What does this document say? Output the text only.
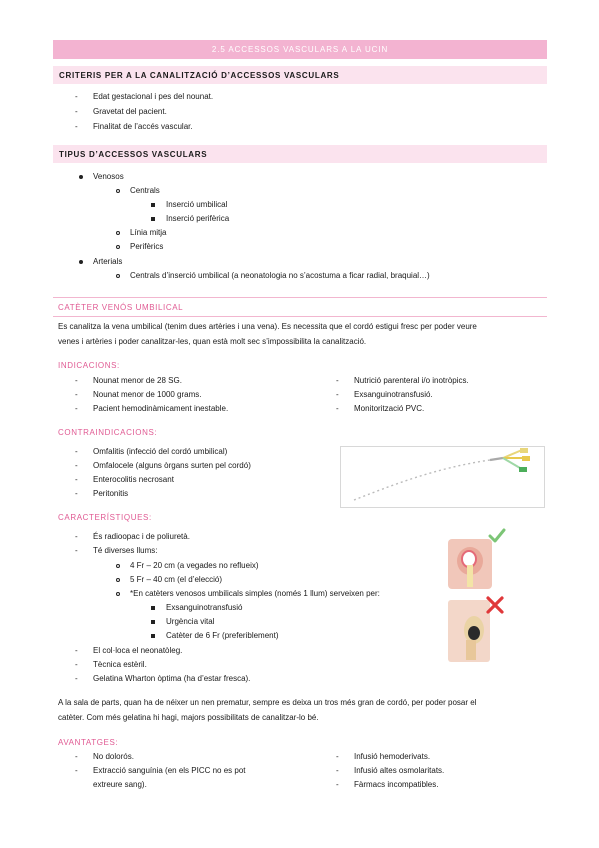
2.5 ACCESSOS VASCULARS A LA UCIN
CRITERIS PER A LA CANALITZACIÓ D’ACCESSOS VASCULARS
- Edat gestacional i pes del nounat.
- Gravetat del pacient.
- Finalitat de l’accés vascular.
TIPUS D’ACCESSOS VASCULARS
Venosos
Centrals
Inserció umbilical
Inserció perifèrica
Línia mitja
Perifèrics
Arterials
Centrals d’inserció umbilical (a neonatologia no s’acostuma a ficar radial, braquial…)
CATÈTER VENÓS UMBILICAL
Es canalitza la vena umbilical (tenim dues artèries i una vena). Es necessita que el cordó estigui fresc per poder veure
venes i artèries i poder canalitzar-les, quan està molt sec s’impossibilita la canalització.
INDICACIONS:
- Nounat menor de 28 SG.
- Nounat menor de 1000 grams.
- Pacient hemodinàmicament inestable.
- Nutrició parenteral i/o inotròpics.
- Exsanguinotransfusió.
- Monitorització PVC.
CONTRAINDICACIONS:
- Omfalitis (infecció del cordó umbilical)
- Omfalocele (alguns òrgans surten pel cordó)
- Enterocolitis necrosant
- Peritonitis
CARACTERÍSTIQUES:
- És radioopac i de poliuretà.
- Té diverses llums:
4 Fr – 20 cm (a vegades no reflueix)
5 Fr – 40 cm (el d’elecció)
*En catèters venosos umbilicals simples (només 1 llum) serveixen per:
Exsanguinotransfusió
Urgència vital
Catèter de 6 Fr (preferiblement)
- El col·loca el neonatòleg.
- Tècnica estèril.
- Gelatina Wharton òptima (ha d’estar fresca).
A la sala de parts, quan ha de néixer un nen prematur, sempre es deixa un tros més gran de cordó, per poder posar el
catèter. Com més gelatina hi hagi, majors possibilitats de canalitzar-lo bé.
AVANTATGES:
- No dolorós.
- Extracció sanguínia (en els PICC no es pot
extreure sang).
- Infusió hemoderivats.
- Infusió altes osmolaritats.
- Fàrmacs incompatibles.
